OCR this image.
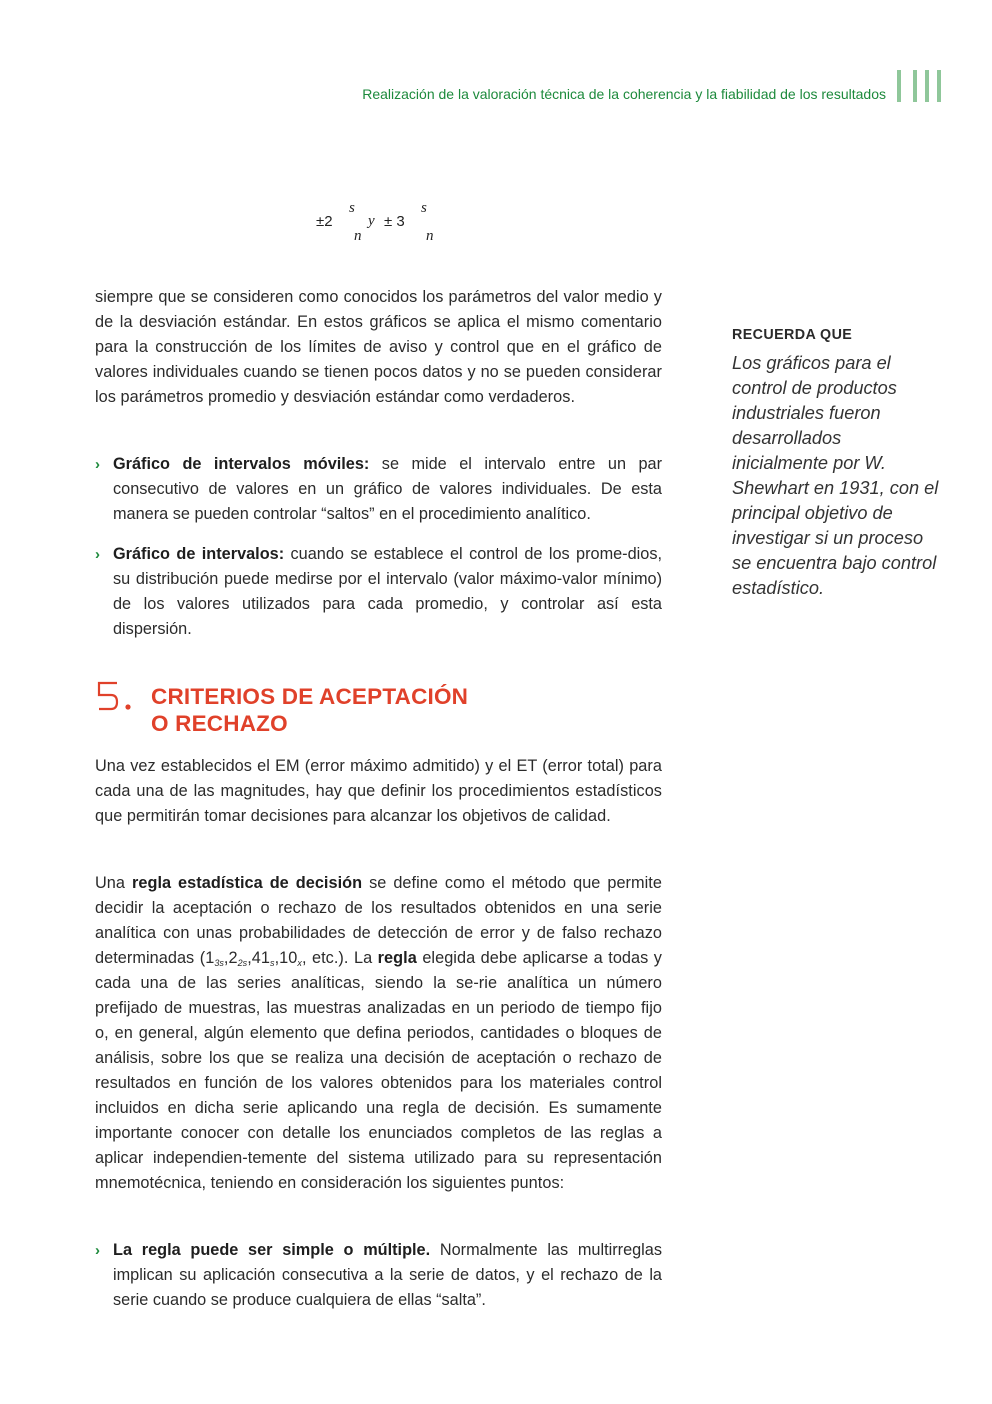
Realización de la valoración técnica de la coherencia y la fiabilidad de los resultados
±2
s
n
y ± 3
s
n

siempre que se consideren como conocidos los parámetros del valor medio y de la desviación estándar. En estos gráficos se aplica el mismo comentario para la construcción de los límites de aviso y control que en el gráfico de valores individuales cuando se tienen pocos datos y no se pueden considerar los parámetros promedio y desviación estándar como verdaderos.

› Gráfico de intervalos móviles: se mide el intervalo entre un par consecutivo de valores en un gráfico de valores individuales. De esta manera se pueden controlar “saltos” en el procedimiento analítico.
› Gráfico de intervalos: cuando se establece el control de los prome-dios, su distribución puede medirse por el intervalo (valor máximo-valor mínimo) de los valores utilizados para cada promedio, y controlar así esta dispersión.
CRITERIOS DE ACEPTACIÓN
O RECHAZO

Una vez establecidos el EM (error máximo admitido) y el ET (error total) para cada una de las magnitudes, hay que definir los procedimientos estadísticos que permitirán tomar decisiones para alcanzar los objetivos de calidad.

Una regla estadística de decisión se define como el método que permite decidir la aceptación o rechazo de los resultados obtenidos en una serie analítica con unas probabilidades de detección de error y de falso rechazo determinadas ($1_{3s},2_{2s},41_s,10_x$, etc.). La regla elegida debe aplicarse a todas y cada una de las series analíticas, siendo la se-rie analítica un número prefijado de muestras, las muestras analizadas en un periodo de tiempo fijo o, en general, algún elemento que defina periodos, cantidades o bloques de análisis, sobre los que se realiza una decisión de aceptación o rechazo de resultados en función de los valores obtenidos para los materiales control incluidos en dicha serie aplicando una regla de decisión. Es sumamente importante conocer con detalle los enunciados completos de las reglas a aplicar independien-temente del sistema utilizado para su representación mnemotécnica, teniendo en consideración los siguientes puntos:

› La regla puede ser simple o múltiple. Normalmente las multirreglas implican su aplicación consecutiva a la serie de datos, y el rechazo de la serie cuando se produce cualquiera de ellas “salta”.
RECUERDA QUE
Los gráficos para el control de productos industriales fueron desarrollados inicialmente por W. Shewhart en 1931, con el principal objetivo de investigar si un proceso se encuentra bajo control estadístico.
